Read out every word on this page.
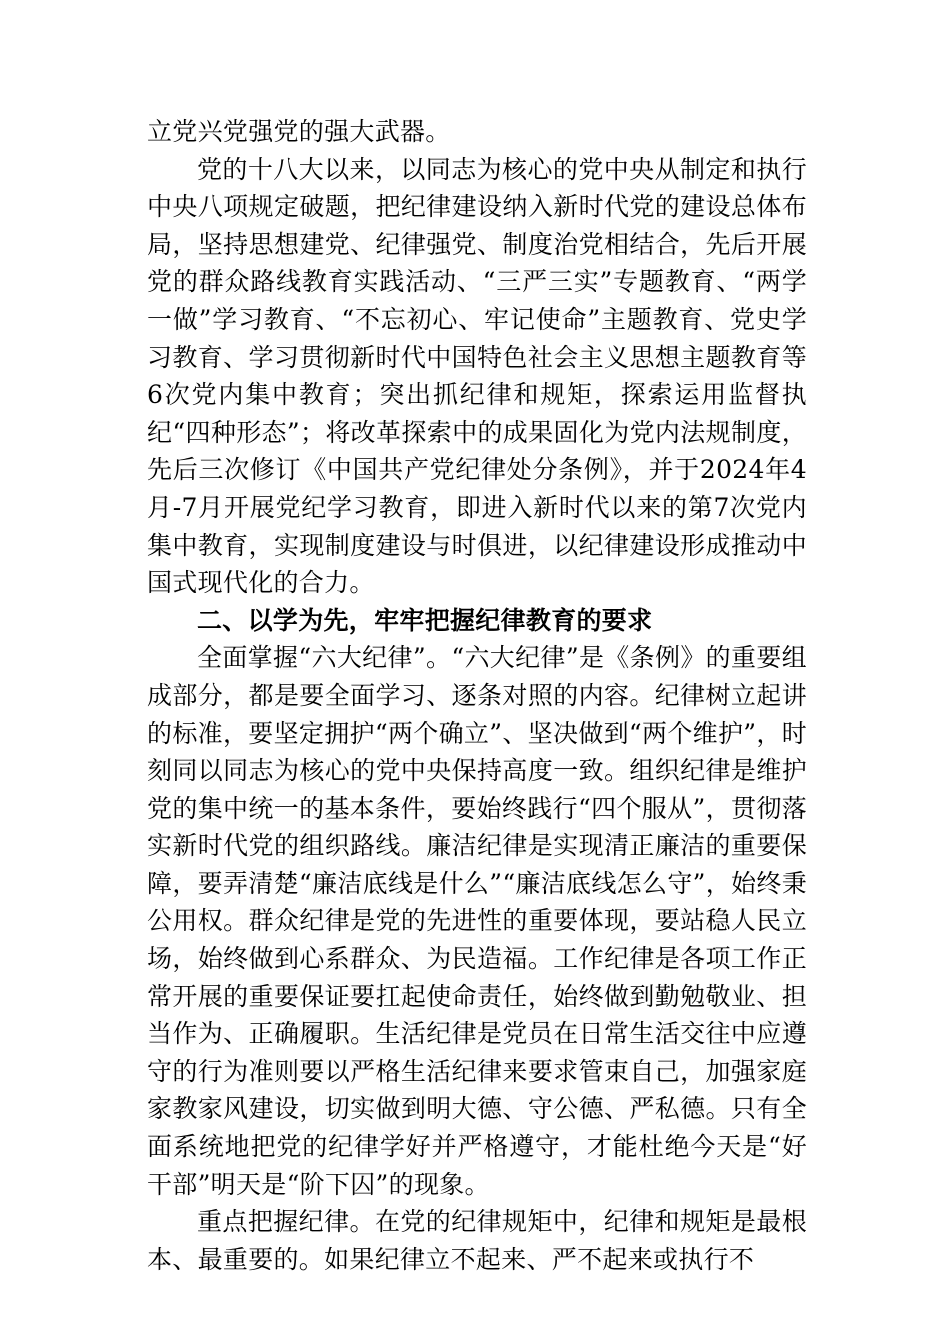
立党兴党强党的强大武器。

党的十八大以来，以同志为核心的党中央从制定和执行中央八项规定破题，把纪律建设纳入新时代党的建设总体布局，坚持思想建党、纪律强党、制度治党相结合，先后开展党的群众路线教育实践活动、“三严三实”专题教育、“两学一做”学习教育、“不忘初心、牢记使命”主题教育、党史学习教育、学习贯彻新时代中国特色社会主义思想主题教育等6次党内集中教育；突出抓纪律和规矩，探索运用监督执纪“四种形态”；将改革探索中的成果固化为党内法规制度，先后三次修订《中国共产党纪律处分条例》，并于2024年4月-7月开展党纪学习教育，即进入新时代以来的第7次党内集中教育，实现制度建设与时俱进，以纪律建设形成推动中国式现代化的合力。

二、以学为先，牢牢把握纪律教育的要求

全面掌握“六大纪律”。“六大纪律”是《条例》的重要组成部分，都是要全面学习、逐条对照的内容。纪律树立起讲的标准，要坚定拥护“两个确立”、坚决做到“两个维护”，时刻同以同志为核心的党中央保持高度一致。组织纪律是维护党的集中统一的基本条件，要始终践行“四个服从”，贯彻落实新时代党的组织路线。廉洁纪律是实现清正廉洁的重要保障，要弄清楚“廉洁底线是什么”“廉洁底线怎么守”，始终秉公用权。群众纪律是党的先进性的重要体现，要站稳人民立场，始终做到心系群众、为民造福。工作纪律是各项工作正常开展的重要保证要扛起使命责任，始终做到勤勉敬业、担当作为、正确履职。生活纪律是党员在日常生活交往中应遵守的行为准则要以严格生活纪律来要求管束自己，加强家庭家教家风建设，切实做到明大德、守公德、严私德。只有全面系统地把党的纪律学好并严格遵守，才能杜绝今天是“好干部”明天是“阶下囚”的现象。

重点把握纪律。在党的纪律规矩中，纪律和规矩是最根本、最重要的。如果纪律立不起来、严不起来或执行不
